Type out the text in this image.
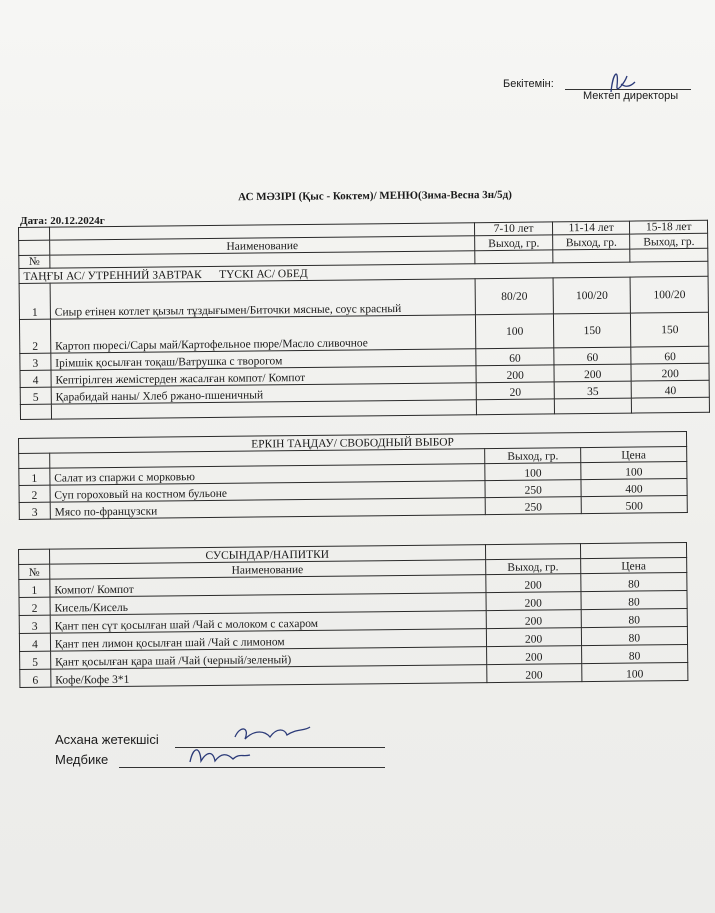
Бекітемін:
Мектеп директоры
АС МӘЗІРІ (Қыс - Коктем)/ МЕНЮ(Зима-Весна 3н/5д)
Дата: 20.12.2024г
		7-10 лет	11-14 лет	15-18 лет
	Наименование	Выход, гр.	Выход, гр.	Выход, гр.
№				
ТАҢҒЫ АС/ УТРЕННИЙ ЗАВТРАК      ТҮСКІ АС/ ОБЕД				
1	Сиыр етінен котлет қызыл тұздығымен/Биточки мясные, соус красный	80/20	100/20	100/20
2	Картоп пюресі/Сары май/Картофельное пюре/Масло сливочное	100	150	150
3	Ірімшік қосылған тоқаш/Ватрушка с творогом	60	60	60
4	Кептірілген жемістерден жасалған компот/ Компот	200	200	200
5	Қарабидай наны/ Хлеб ржано-пшеничный	20	35	40

ЕРКІН ТАҢДАУ/ СВОБОДНЫЙ ВЫБОР			
		Выход, гр.	Цена
1	Салат из спаржи с морковью	100	100
2	Суп гороховый на костном бульоне	250	400
3	Мясо по-французски	250	500
	СУСЫНДАР/НАПИТКИ		
№	Наименование	Выход, гр.	Цена
1	Компот/ Компот	200	80
2	Кисель/Кисель	200	80
3	Қант пен сүт қосылған шай /Чай с молоком с сахаром	200	80
4	Қант пен лимон қосылған шай /Чай с лимоном	200	80
5	Қант қосылған қара шай /Чай (черный/зеленый)	200	80
6	Кофе/Кофе 3*1	200	100
Асхана жетекшісі
Медбике
